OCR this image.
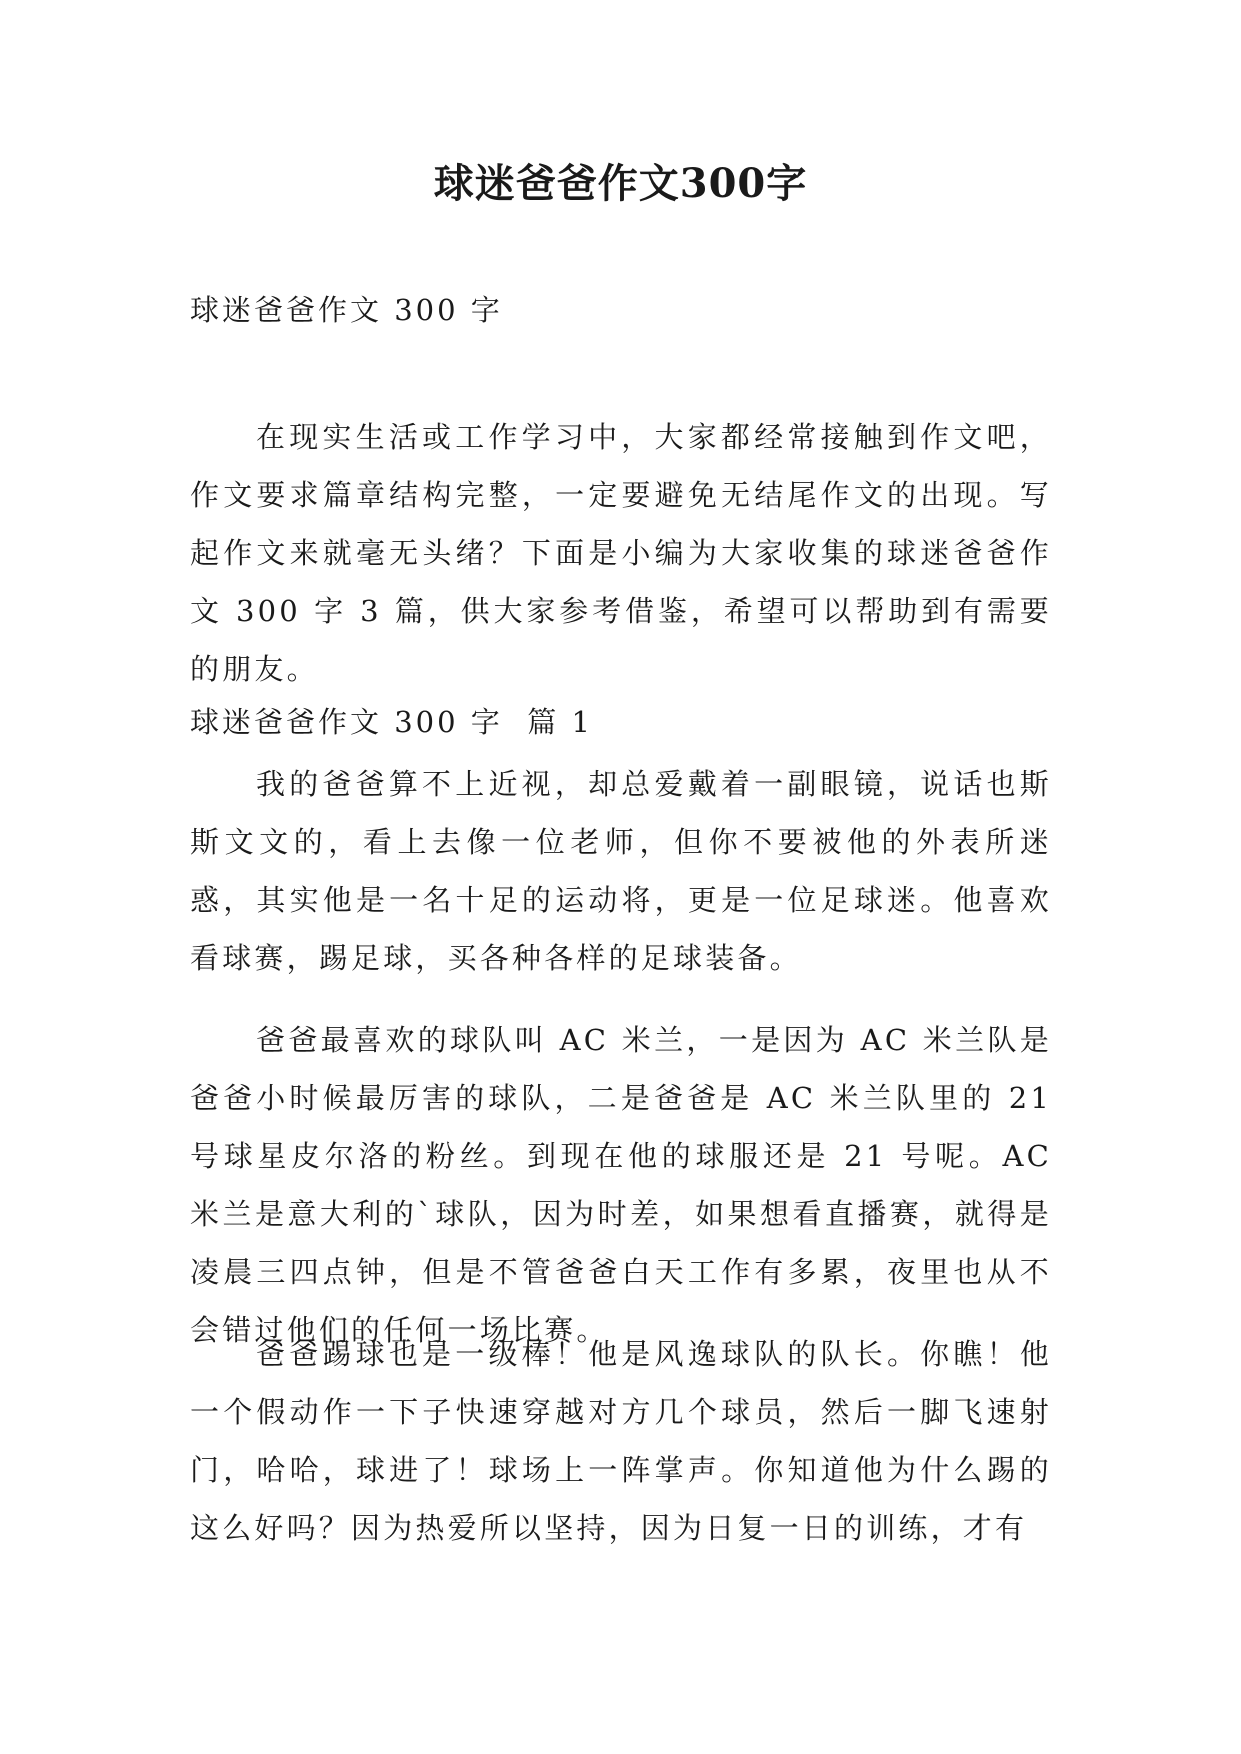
球迷爸爸作文300字
球迷爸爸作文 300 字

在现实生活或工作学习中，大家都经常接触到作文吧，作文要求篇章结构完整，一定要避免无结尾作文的出现。写起作文来就毫无头绪？下面是小编为大家收集的球迷爸爸作文 300 字 3 篇，供大家参考借鉴，希望可以帮助到有需要的朋友。

球迷爸爸作文 300 字  篇 1

我的爸爸算不上近视，却总爱戴着一副眼镜，说话也斯斯文文的，看上去像一位老师，但你不要被他的外表所迷惑，其实他是一名十足的运动将，更是一位足球迷。他喜欢看球赛，踢足球，买各种各样的足球装备。

爸爸最喜欢的球队叫 AC 米兰，一是因为 AC 米兰队是爸爸小时候最厉害的球队，二是爸爸是 AC 米兰队里的 21 号球星皮尔洛的粉丝。到现在他的球服还是 21 号呢。AC 米兰是意大利的`球队，因为时差，如果想看直播赛，就得是凌晨三四点钟，但是不管爸爸白天工作有多累，夜里也从不会错过他们的任何一场比赛。

爸爸踢球也是一级棒！他是风逸球队的队长。你瞧！他一个假动作一下子快速穿越对方几个球员，然后一脚飞速射门，哈哈，球进了！球场上一阵掌声。你知道他为什么踢的这么好吗？因为热爱所以坚持，因为日复一日的训练，才有
